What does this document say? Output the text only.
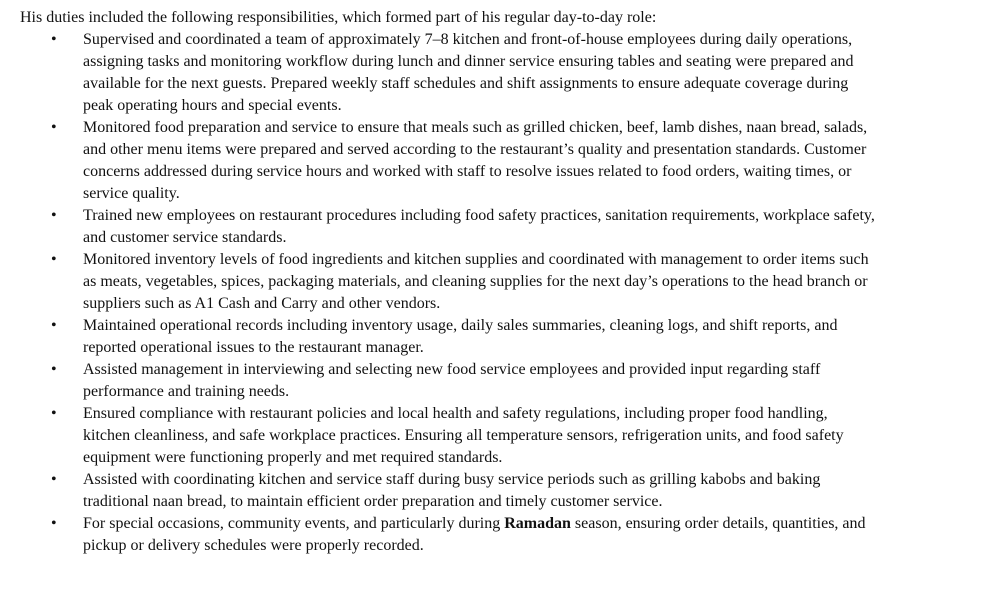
His duties included the following responsibilities, which formed part of his regular day-to-day role:

• Supervised and coordinated a team of approximately 7–8 kitchen and front-of-house employees during daily operations,
assigning tasks and monitoring workflow during lunch and dinner service ensuring tables and seating were prepared and
available for the next guests. Prepared weekly staff schedules and shift assignments to ensure adequate coverage during
peak operating hours and special events.
• Monitored food preparation and service to ensure that meals such as grilled chicken, beef, lamb dishes, naan bread, salads,
and other menu items were prepared and served according to the restaurant’s quality and presentation standards. Customer
concerns addressed during service hours and worked with staff to resolve issues related to food orders, waiting times, or
service quality.
• Trained new employees on restaurant procedures including food safety practices, sanitation requirements, workplace safety,
and customer service standards.
• Monitored inventory levels of food ingredients and kitchen supplies and coordinated with management to order items such
as meats, vegetables, spices, packaging materials, and cleaning supplies for the next day’s operations to the head branch or
suppliers such as A1 Cash and Carry and other vendors.
• Maintained operational records including inventory usage, daily sales summaries, cleaning logs, and shift reports, and
reported operational issues to the restaurant manager.
• Assisted management in interviewing and selecting new food service employees and provided input regarding staff
performance and training needs.
• Ensured compliance with restaurant policies and local health and safety regulations, including proper food handling,
kitchen cleanliness, and safe workplace practices. Ensuring all temperature sensors, refrigeration units, and food safety
equipment were functioning properly and met required standards.
• Assisted with coordinating kitchen and service staff during busy service periods such as grilling kabobs and baking
traditional naan bread, to maintain efficient order preparation and timely customer service.
• For special occasions, community events, and particularly during Ramadan season, ensuring order details, quantities, and
pickup or delivery schedules were properly recorded.
